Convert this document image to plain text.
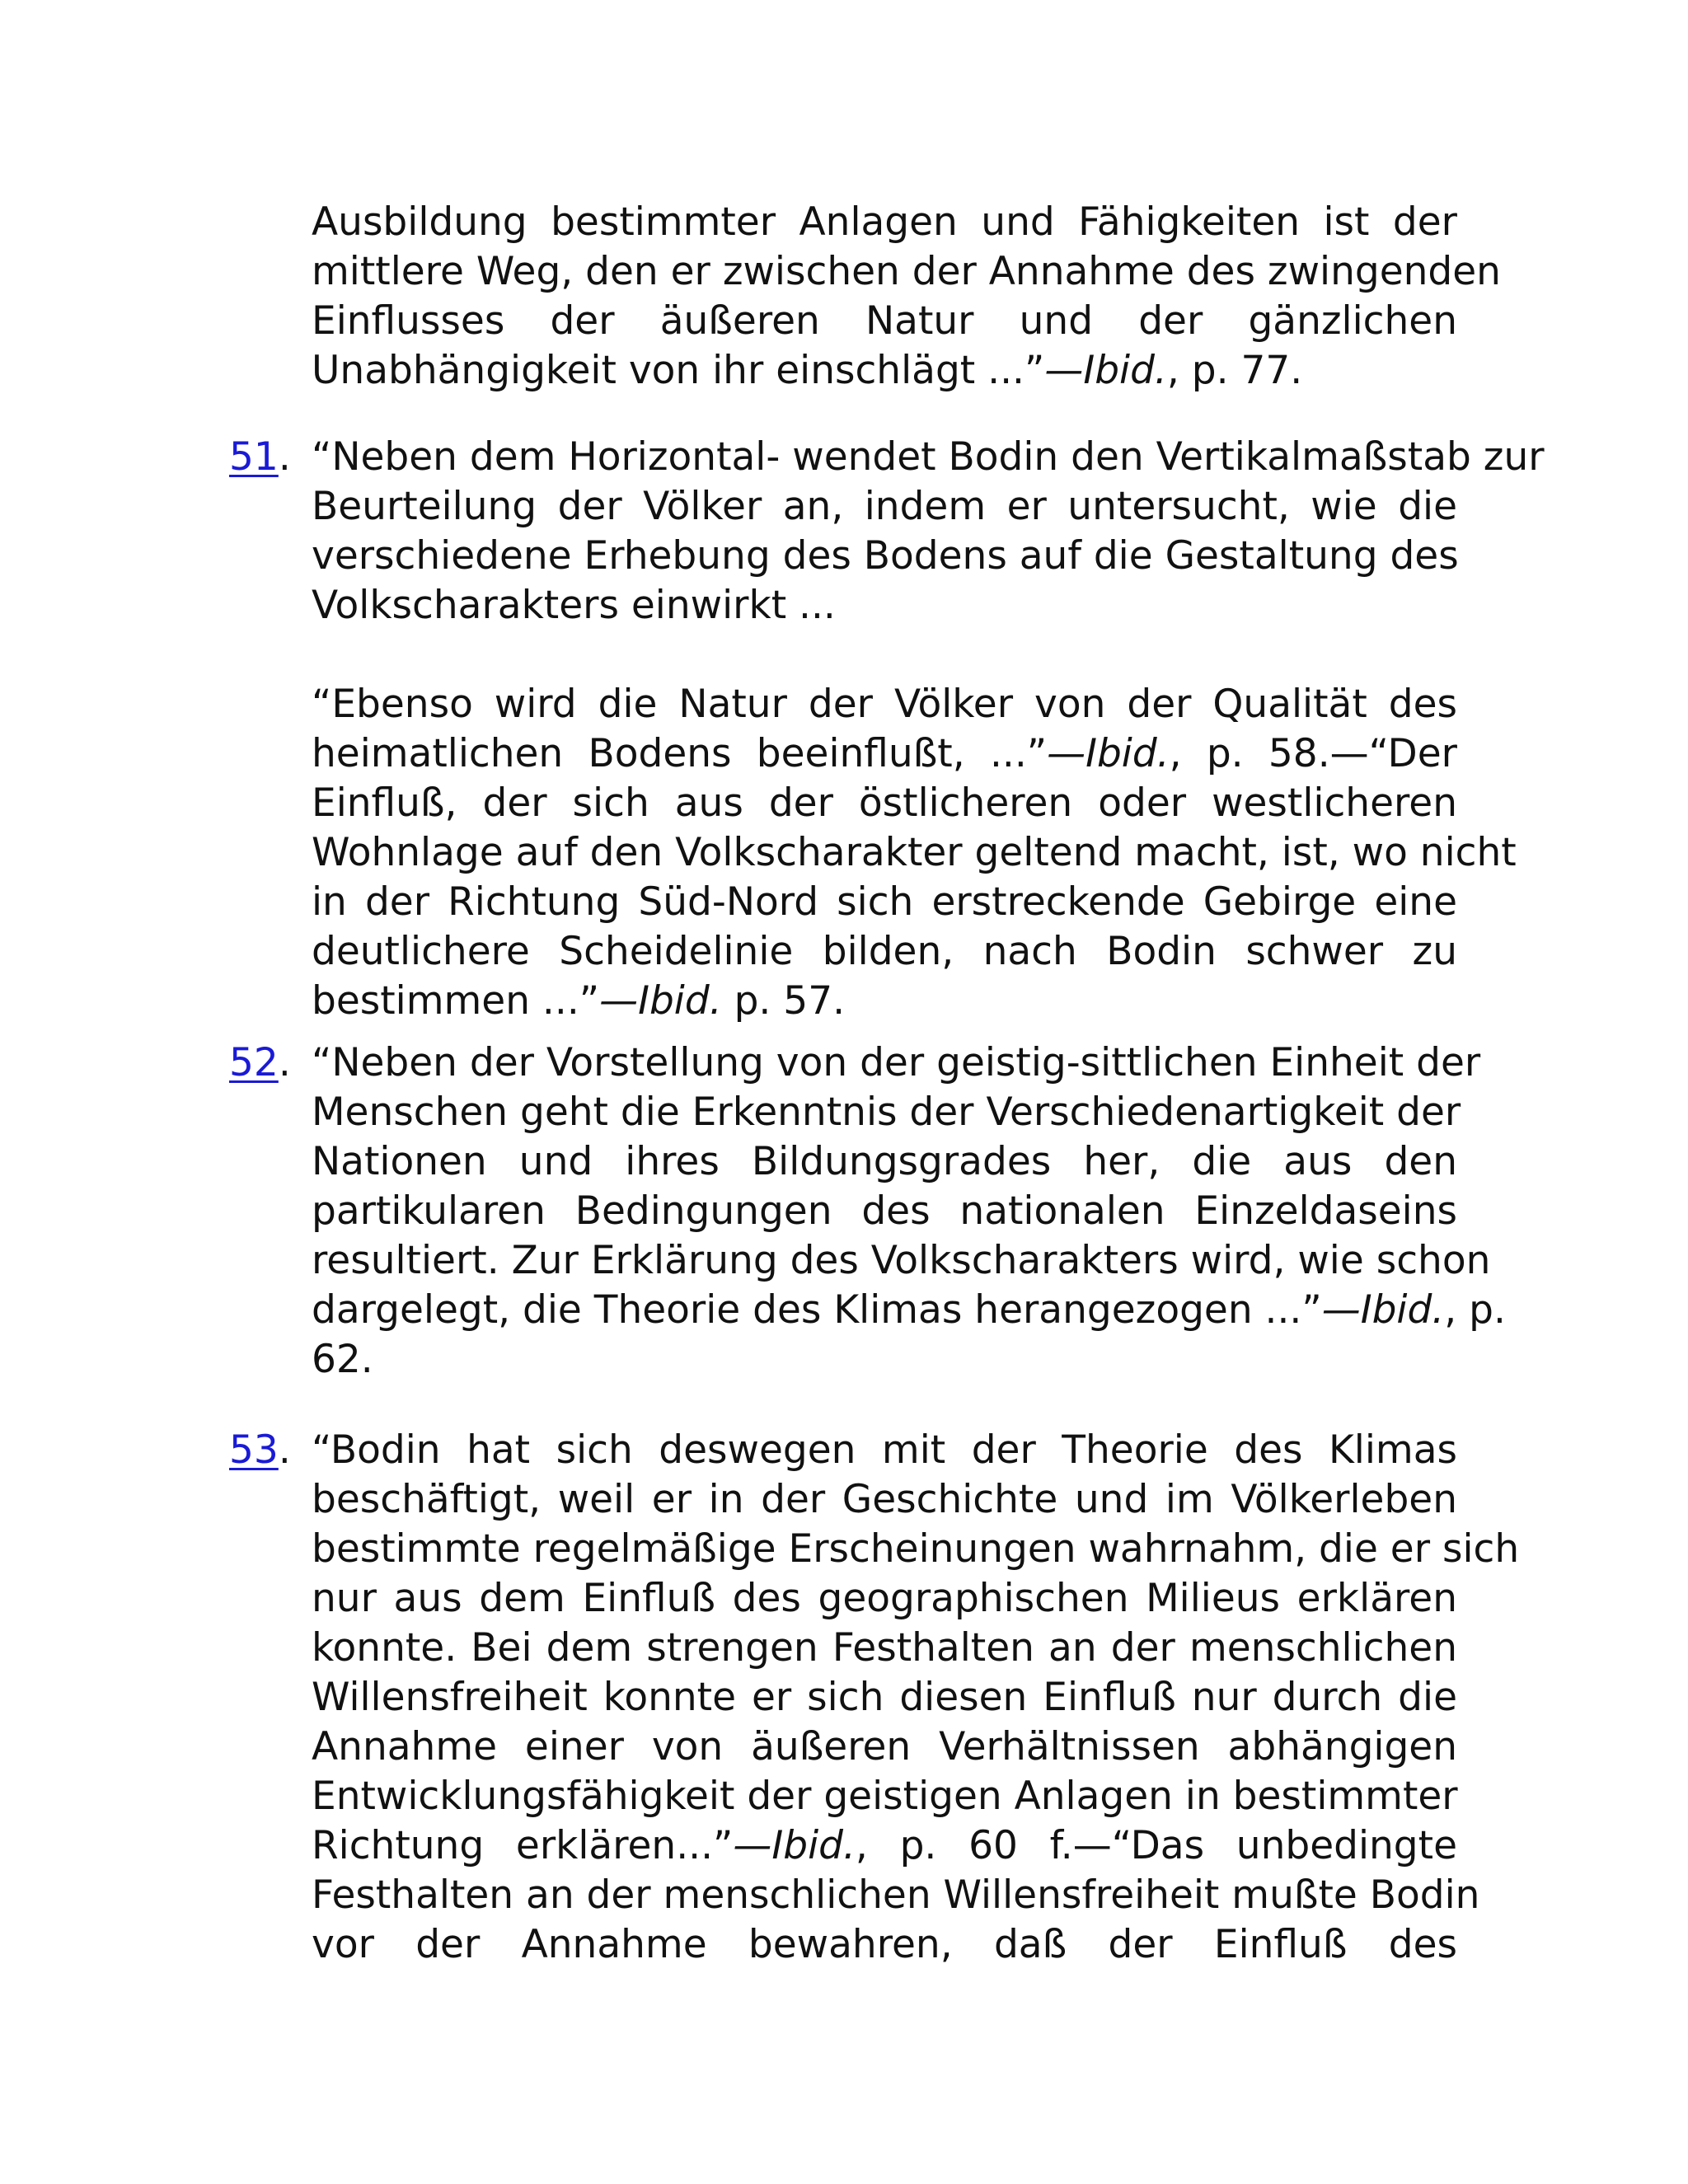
Ausbildung bestimmter Anlagen und Fähigkeiten ist der
mittlere Weg, den er zwischen der Annahme des zwingenden
Einflusses der äußeren Natur und der gänzlichen
Unabhängigkeit von ihr einschlägt ...”—Ibid., p. 77.
51. “Neben dem Horizontal- wendet Bodin den Vertikalmaßstab zur
Beurteilung der Völker an, indem er untersucht, wie die
verschiedene Erhebung des Bodens auf die Gestaltung des
Volkscharakters einwirkt ...
“Ebenso wird die Natur der Völker von der Qualität des
heimatlichen Bodens beeinflußt, ...”—Ibid., p. 58.—“Der
Einfluß, der sich aus der östlicheren oder westlicheren
Wohnlage auf den Volkscharakter geltend macht, ist, wo nicht
in der Richtung Süd-Nord sich erstreckende Gebirge eine
deutlichere Scheidelinie bilden, nach Bodin schwer zu
bestimmen ...”—Ibid. p. 57.
52. “Neben der Vorstellung von der geistig-sittlichen Einheit der
Menschen geht die Erkenntnis der Verschiedenartigkeit der
Nationen und ihres Bildungsgrades her, die aus den
partikularen Bedingungen des nationalen Einzeldaseins
resultiert. Zur Erklärung des Volkscharakters wird, wie schon
dargelegt, die Theorie des Klimas herangezogen ...”—Ibid., p.
62.
53. “Bodin hat sich deswegen mit der Theorie des Klimas
beschäftigt, weil er in der Geschichte und im Völkerleben
bestimmte regelmäßige Erscheinungen wahrnahm, die er sich
nur aus dem Einfluß des geographischen Milieus erklären
konnte. Bei dem strengen Festhalten an der menschlichen
Willensfreiheit konnte er sich diesen Einfluß nur durch die
Annahme einer von äußeren Verhältnissen abhängigen
Entwicklungsfähigkeit der geistigen Anlagen in bestimmter
Richtung erklären...”—Ibid., p. 60 f.—“Das unbedingte
Festhalten an der menschlichen Willensfreiheit mußte Bodin
vor der Annahme bewahren, daß der Einfluß des
